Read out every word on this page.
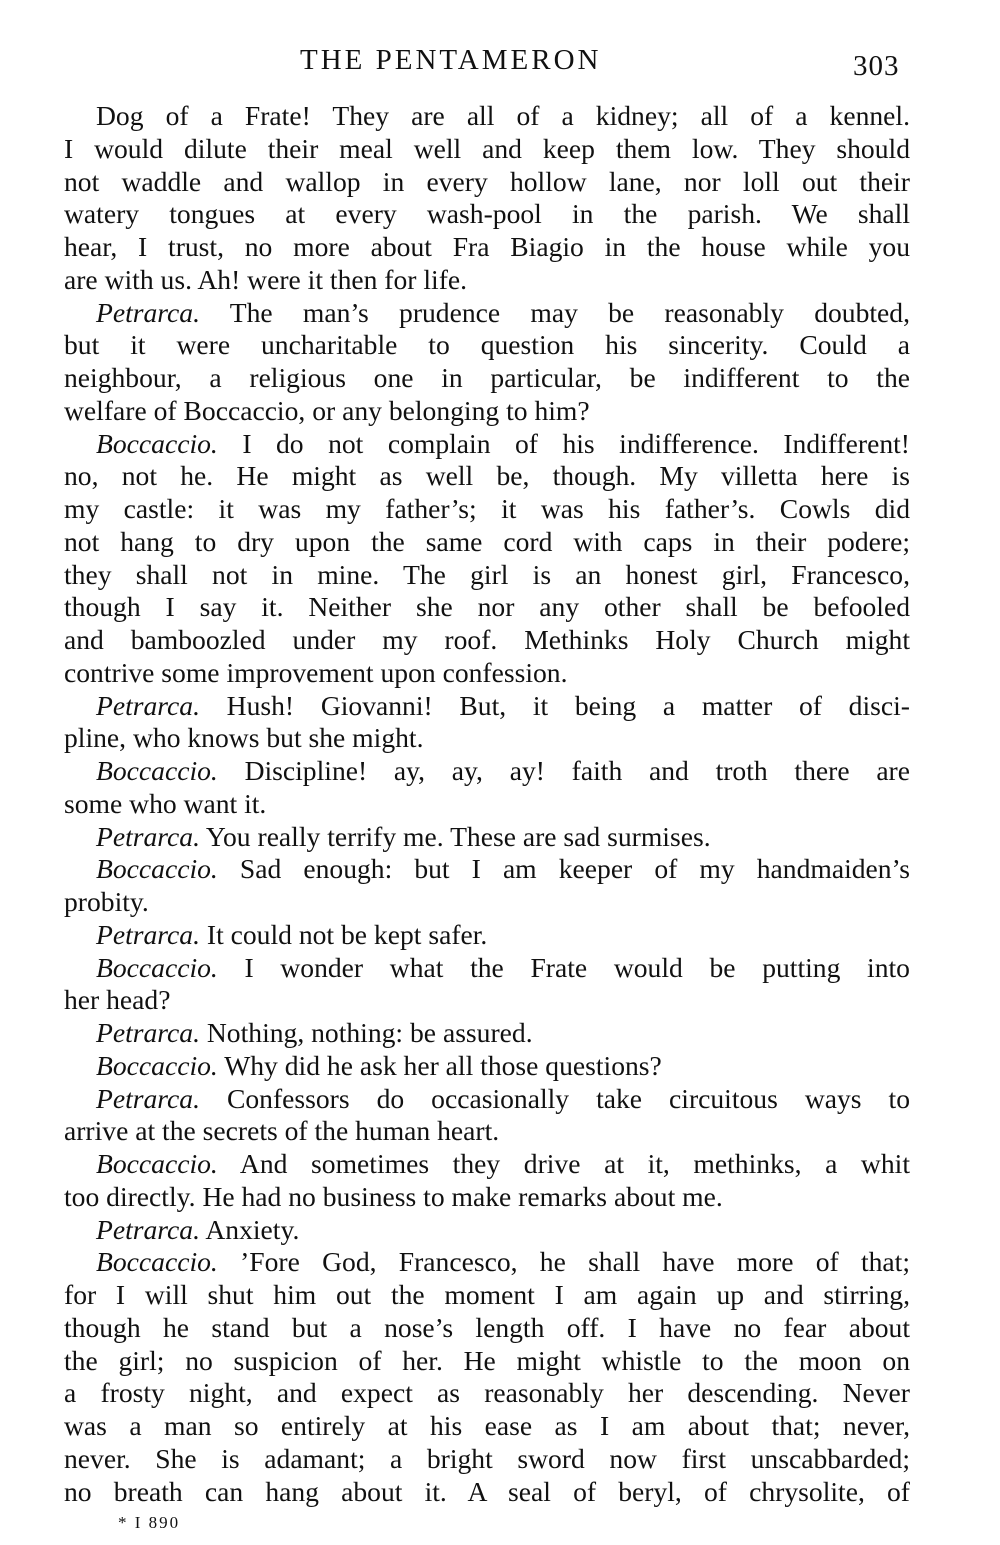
THE PENTAMERON	303
Dog of a Frate! They are all of a kidney; all of a kennel.
I would dilute their meal well and keep them low. They should
not waddle and wallop in every hollow lane, nor loll out their
watery tongues at every wash-pool in the parish. We shall
hear, I trust, no more about Fra Biagio in the house while you
are with us. Ah! were it then for life.
Petrarca. The man’s prudence may be reasonably doubted,
but it were uncharitable to question his sincerity. Could a
neighbour, a religious one in particular, be indifferent to the
welfare of Boccaccio, or any belonging to him?
Boccaccio. I do not complain of his indifference. Indifferent!
no, not he. He might as well be, though. My villetta here is
my castle: it was my father’s; it was his father’s. Cowls did
not hang to dry upon the same cord with caps in their podere;
they shall not in mine. The girl is an honest girl, Francesco,
though I say it. Neither she nor any other shall be befooled
and bamboozled under my roof. Methinks Holy Church might
contrive some improvement upon confession.
Petrarca. Hush! Giovanni! But, it being a matter of disci-
pline, who knows but she might.
Boccaccio. Discipline! ay, ay, ay! faith and troth there are
some who want it.
Petrarca. You really terrify me. These are sad surmises.
Boccaccio. Sad enough: but I am keeper of my handmaiden’s
probity.
Petrarca. It could not be kept safer.
Boccaccio. I wonder what the Frate would be putting into
her head?
Petrarca. Nothing, nothing: be assured.
Boccaccio. Why did he ask her all those questions?
Petrarca. Confessors do occasionally take circuitous ways to
arrive at the secrets of the human heart.
Boccaccio. And sometimes they drive at it, methinks, a whit
too directly. He had no business to make remarks about me.
Petrarca. Anxiety.
Boccaccio. ’Fore God, Francesco, he shall have more of that;
for I will shut him out the moment I am again up and stirring,
though he stand but a nose’s length off. I have no fear about
the girl; no suspicion of her. He might whistle to the moon on
a frosty night, and expect as reasonably her descending. Never
was a man so entirely at his ease as I am about that; never,
never. She is adamant; a bright sword now first unscabbarded;
no breath can hang about it. A seal of beryl, of chrysolite, of
* I 890
